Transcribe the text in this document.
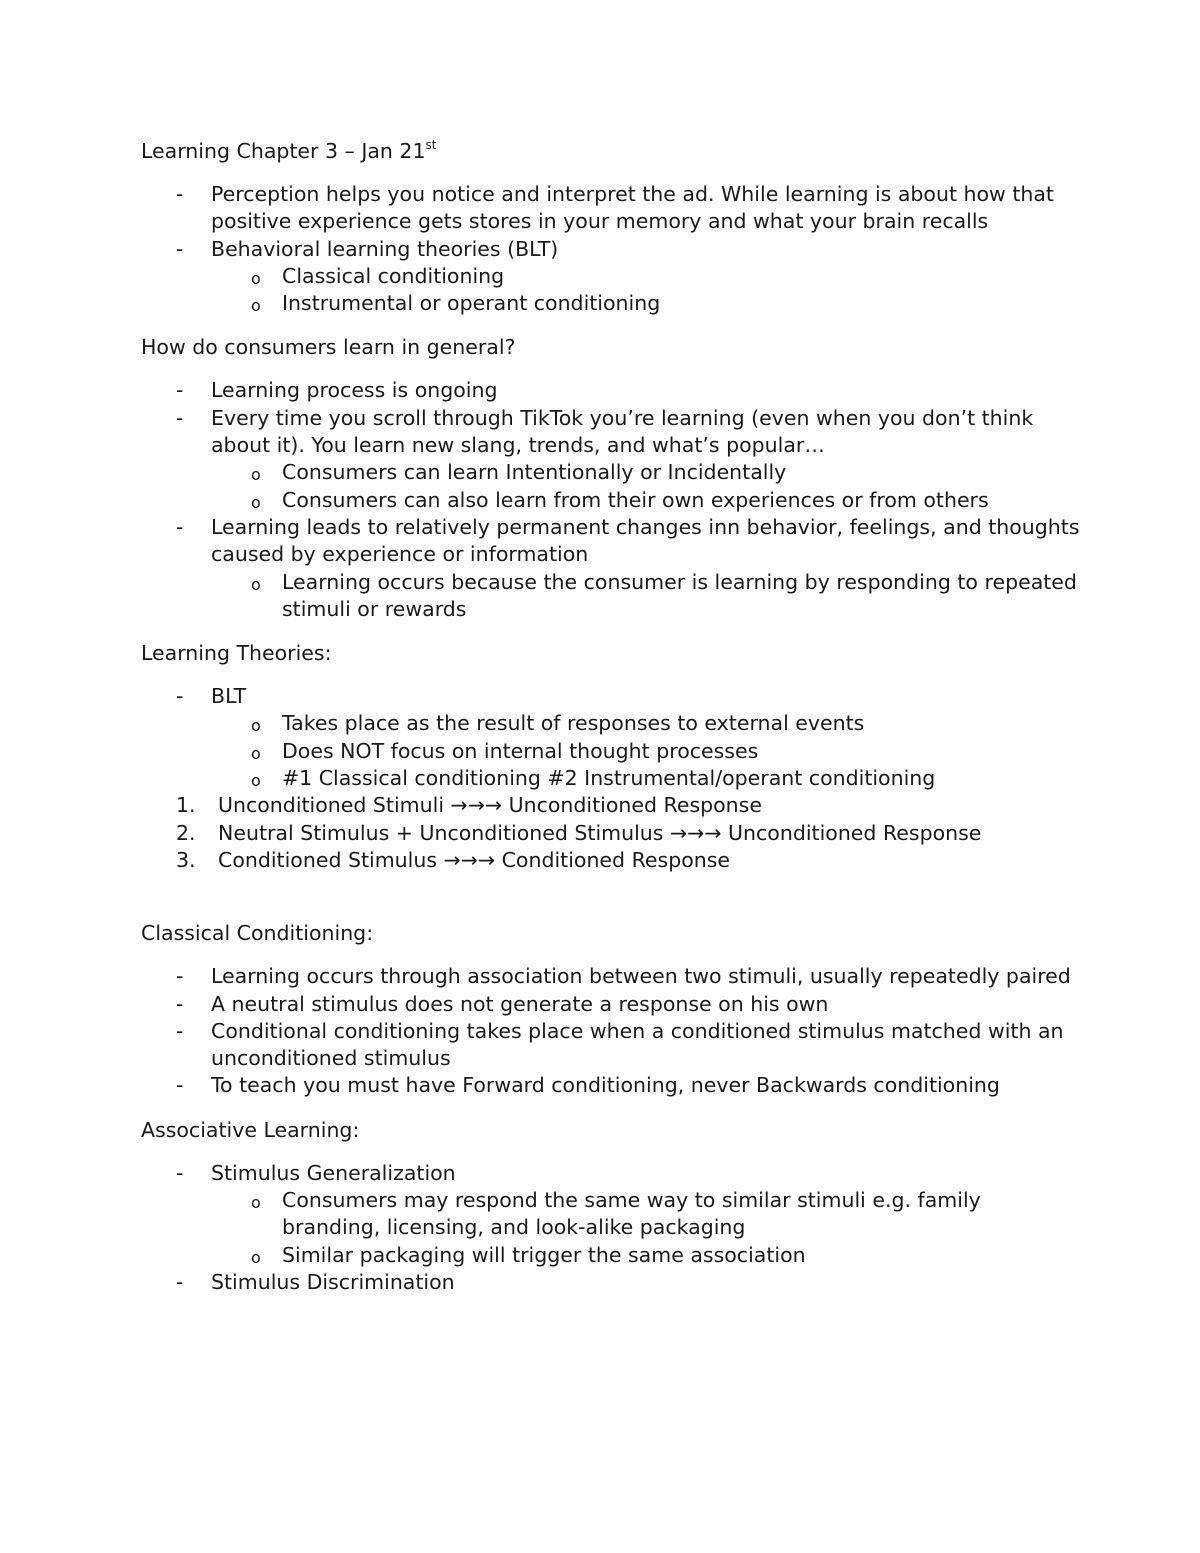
Learning Chapter 3 – Jan 21st

- Perception helps you notice and interpret the ad. While learning is about how that positive experience gets stores in your memory and what your brain recalls
- Behavioral learning theories (BLT)
o Classical conditioning
o Instrumental or operant conditioning

How do consumers learn in general?

- Learning process is ongoing
- Every time you scroll through TikTok you’re learning (even when you don’t think about it). You learn new slang, trends, and what’s popular…
o Consumers can learn Intentionally or Incidentally
o Consumers can also learn from their own experiences or from others
- Learning leads to relatively permanent changes inn behavior, feelings, and thoughts caused by experience or information
o Learning occurs because the consumer is learning by responding to repeated stimuli or rewards

Learning Theories:

- BLT
o Takes place as the result of responses to external events
o Does NOT focus on internal thought processes
o #1 Classical conditioning #2 Instrumental/operant conditioning
1. Unconditioned Stimuli →→→ Unconditioned Response
2. Neutral Stimulus + Unconditioned Stimulus →→→ Unconditioned Response
3. Conditioned Stimulus →→→ Conditioned Response

Classical Conditioning:

- Learning occurs through association between two stimuli, usually repeatedly paired
- A neutral stimulus does not generate a response on his own
- Conditional conditioning takes place when a conditioned stimulus matched with an unconditioned stimulus
- To teach you must have Forward conditioning, never Backwards conditioning

Associative Learning:

- Stimulus Generalization
o Consumers may respond the same way to similar stimuli e.g. family branding, licensing, and look-alike packaging
o Similar packaging will trigger the same association
- Stimulus Discrimination
